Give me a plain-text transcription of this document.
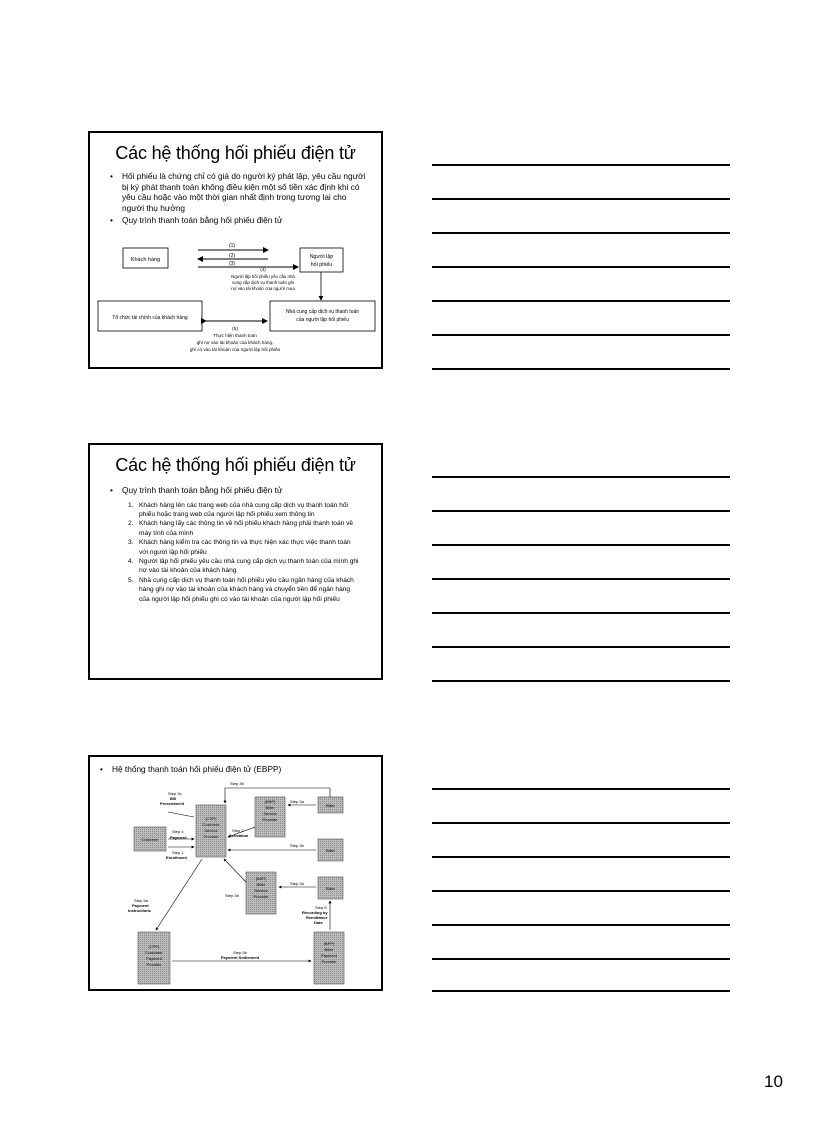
Các hệ thống hối phiếu điện tử
• Hối phiếu là chứng chỉ có giá do người ký phát lập, yêu cầu người bị ký phát thanh toán không điều kiện một số tiền xác định khi có yêu cầu hoặc vào một thời gian nhất định trong tương lai cho người thụ hưởng
• Quy trình thanh toán bằng hối phiếu điện tử
Khách hàng	Người lập
hối phiếu
(1)
(2)
(3)
(4)
Người lập hối phiếu yêu cầu nhà
cung cấp dịch vụ thanh toán ghi
nợ vào tài khoản của người mua
Tổ chức tài chính của khách hàng
Nhà cung cấp dịch vụ thanh toán
của người lập hối phiếu
(5)
Thực hiện thanh toán
ghi nợ vào tài khoản của khách hàng,
ghi có vào tài khoản của người lập hối phiếu
Các hệ thống hối phiếu điện tử
• Quy trình thanh toán bằng hối phiếu điện tử
1. Khách hàng lên các trang web của nhà cung cấp dịch vụ thanh toán hối phiếu hoặc trang web của người lập hối phiếu xem thông tin
2. Khách hàng lấy các thông tin về hối phiếu khách hàng phải thanh toán về máy tính của mình
3. Khách hàng kiểm tra các thông tin và thực hiện xác thực việc thanh toán với người lập hối phiếu
4. Người lập hối phiếu yêu cầu nhà cung cấp dịch vụ thanh toán của mình ghi nợ vào tài khoản của khách hàng
5. Nhà cung cấp dịch vụ thanh toán hối phiếu yêu cầu ngân hàng của khách hàng ghi nợ vào tài khoản của khách hàng và chuyển tiền để ngân hàng của người lập hối phiếu ghi có vào tài khoản của người lập hối phiếu
• Hệ thống thanh toán hối phiếu điện tử (EBPP)
Step 3b
Step 3c
Bill
Presentment
(CSP)
Customer
Service
Provider
(BSP)
Biller
Service
Provider
Step 3a
Biller
Customer
Step 4
Payment
Step 2
Activation
Step 1
Enrollment
Step 3b
Biller
Step 3a
Biller
Step 3b
(BSP)
Biller
Service
Provider
Step 5a
Payment
Instructions
Step 6
Recording by
Remittance
Date
(CPP)
Customer
Payment
Provider
Step 5b
Payment Settlement
(BPP)
Biller
Payment
Provider
10
